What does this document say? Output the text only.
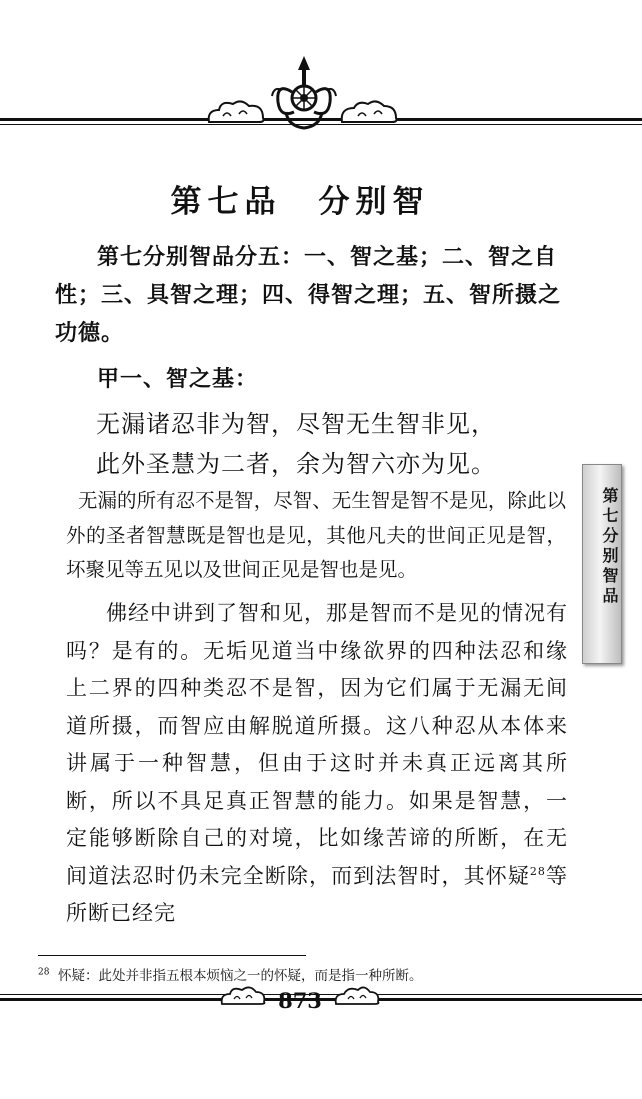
第七品　分别智
第七分别智品分五：一、智之基；二、智之自性；三、具智之理；四、得智之理；五、智所摄之功德。
甲一、智之基：
无漏诸忍非为智，尽智无生智非见，
此外圣慧为二者，余为智六亦为见。
无漏的所有忍不是智，尽智、无生智是智不是见，除此以外的圣者智慧既是智也是见，其他凡夫的世间正见是智，坏聚见等五见以及世间正见是智也是见。
佛经中讲到了智和见，那是智而不是见的情况有吗？是有的。无垢见道当中缘欲界的四种法忍和缘上二界的四种类忍不是智，因为它们属于无漏无间道所摄，而智应由解脱道所摄。这八种忍从本体来讲属于一种智慧，但由于这时并未真正远离其所断，所以不具足真正智慧的能力。如果是智慧，一定能够断除自己的对境，比如缘苦谛的所断，在无间道法忍时仍未完全断除，而到法智时，其怀疑$^{28}$等所断已经完
第七分别智品
$^{28}$ 怀疑：此处并非指五根本烦恼之一的怀疑，而是指一种所断。
873
